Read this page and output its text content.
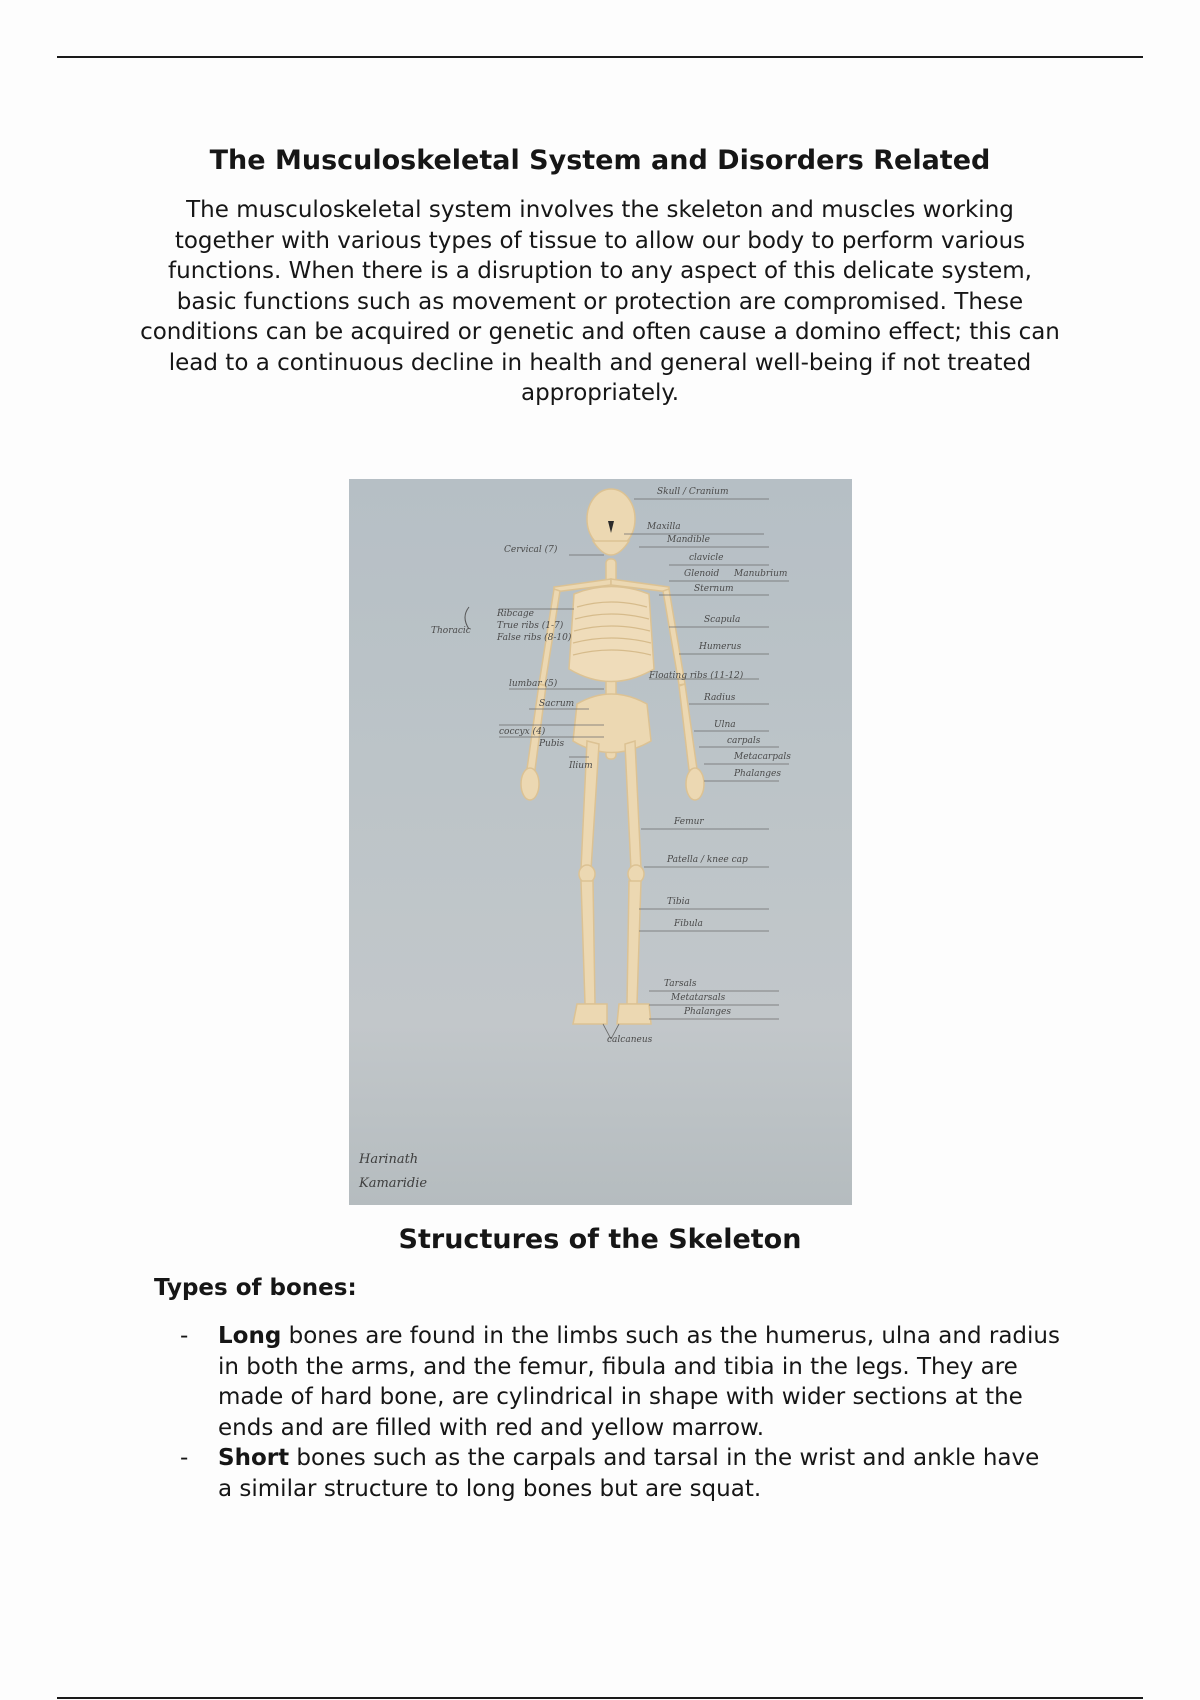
The Musculoskeletal System and Disorders Related

The musculoskeletal system involves the skeleton and muscles working together with various types of tissue to allow our body to perform various functions. When there is a disruption to any aspect of this delicate system, basic functions such as movement or protection are compromised. These conditions can be acquired or genetic and often cause a domino effect; this can lead to a continuous decline in health and general well-being if not treated appropriately.

Skull / Cranium
Maxilla
Mandible
clavicle
Glenoid Manubrium
Sternum
Scapula
Humerus
Floating ribs (11-12)
Radius
Ulna
carpals
Metacarpals
Phalanges
Femur
Patella / knee cap
Tibia
Fibula
Tarsals
Metatarsals
Phalanges
Cervical (7)
Thoracic
Ribcage
True ribs (1-7)
False ribs (8-10)
lumbar (5)
Sacrum
coccyx (4)
Pubis
Ilium
calcaneus
Harinath
Kamaridie
Structures of the Skeleton
Types of bones:
- Long bones are found in the limbs such as the humerus, ulna and radius in both the arms, and the femur, fibula and tibia in the legs. They are made of hard bone, are cylindrical in shape with wider sections at the ends and are filled with red and yellow marrow.
- Short bones such as the carpals and tarsal in the wrist and ankle have a similar structure to long bones but are squat.
